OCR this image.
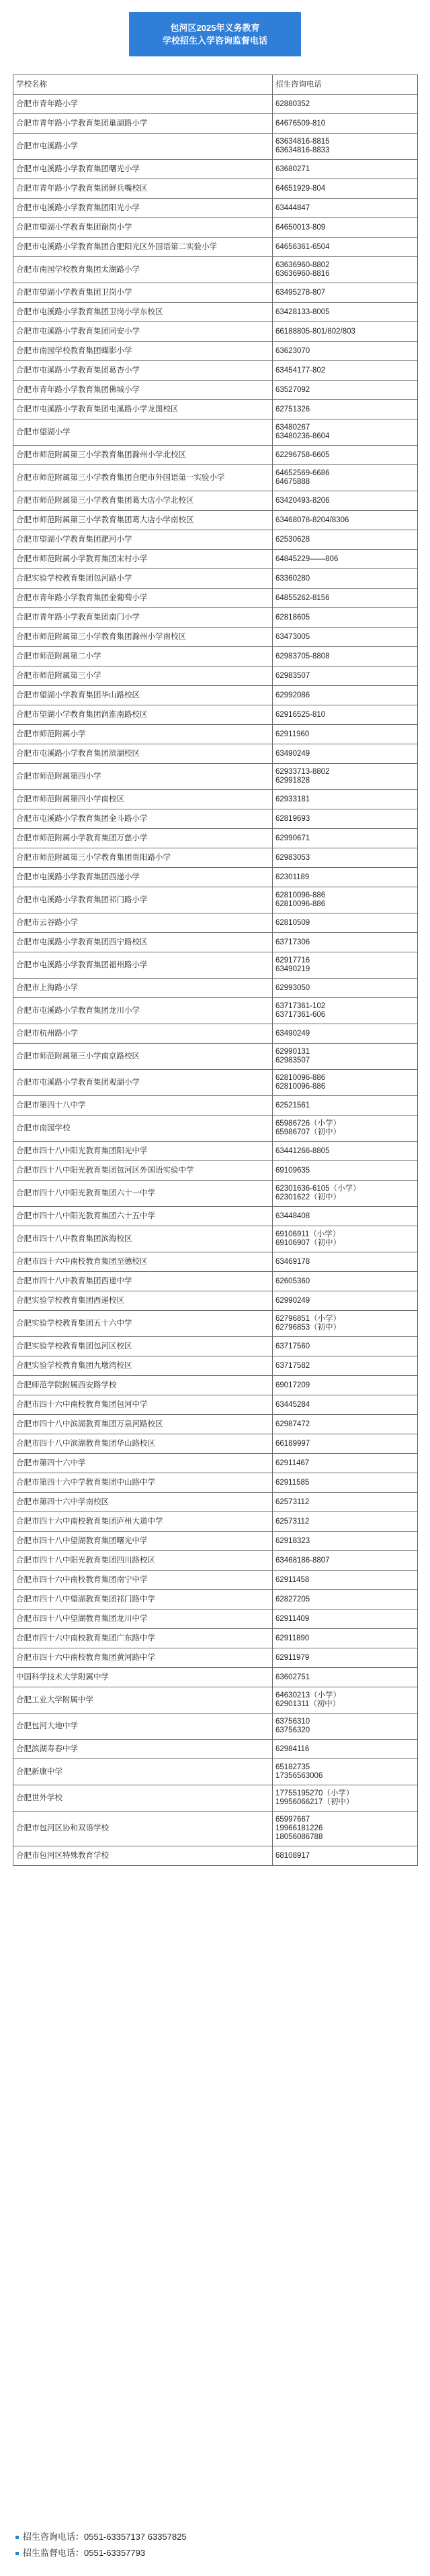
包河区2025年义务教育
学校招生入学咨询监督电话
学校名称	招生咨询电话
合肥市青年路小学	62880352

合肥市青年路小学教育集团巢湖路小学	64676509-810

合肥市屯溪路小学	63634816-8815
63634816-8833

合肥市屯溪路小学教育集团曙光小学	63680271

合肥市青年路小学教育集团鲜兵嘴校区	64651929-804

合肥市屯溪路小学教育集团阳光小学	63444847

合肥市望湖小学教育集团谢岗小学	64650013-809

合肥市屯溪路小学教育集团合肥阳光区外国语第二实验小学	64656361-6504

合肥市南园学校教育集团太湖路小学	63636960-8802
63636960-8816

合肥市望湖小学教育集团卫岗小学	63495278-807

合肥市屯溪路小学教育集团卫岗小学东校区	63428133-8005

合肥市屯溪路小学教育集团同安小学	66188805-801/802/803

合肥市南园学校教育集团蝶影小学	63623070

合肥市屯溪路小学教育集团葛杏小学	63454177-802

合肥市青年路小学教育集团佛城小学	63527092

合肥市屯溪路小学教育集团屯溪路小学龙图校区	62751326

合肥市望湖小学	63480267
63480236-8604

合肥市师范附属第三小学教育集团滁州小学北校区	62296758-6605

合肥市师范附属第三小学教育集团合肥市外国语第一实验小学	64652569-6686
64675888

合肥市师范附属第三小学教育集团葛大店小学北校区	63420493-8206

合肥市师范附属第三小学教育集团葛大店小学南校区	63468078-8204/8306

合肥市望湖小学教育集团淝河小学	62530628

合肥市师范附属小学教育集团宋村小学	64845229——806

合肥实验学校教育集团包河路小学	63360280

合肥市青年路小学教育集团金葡萄小学	64855262-8156

合肥市青年路小学教育集团南门小学	62818605

合肥市师范附属第三小学教育集团滁州小学南校区	63473005

合肥市师范附属第二小学	62983705-8808

合肥市师范附属第三小学	62983507

合肥市望湖小学教育集团华山路校区	62992086

合肥市望湖小学教育集团润淮南路校区	62916525-810

合肥市师范附属小学	62911960

合肥市屯溪路小学教育集团滨湖校区	63490249

合肥市师范附属第四小学	62933713-8802
62991828

合肥市师范附属第四小学南校区	62933181

合肥市屯溪路小学教育集团金斗路小学	62819693

合肥市师范附属小学教育集团万慈小学	62990671

合肥市师范附属第三小学教育集团贵阳路小学	62983053

合肥市屯溪路小学教育集团西递小学	62301189

合肥市屯溪路小学教育集团祁门路小学	62810096-886
62810096-886

合肥市云谷路小学	62810509

合肥市屯溪路小学教育集团西宁路校区	63717306

合肥市屯溪路小学教育集团福州路小学	62917716
63490219

合肥市上海路小学	62993050

合肥市屯溪路小学教育集团龙川小学	63717361-102
63717361-606

合肥市杭州路小学	63490249

合肥市师范附属第三小学南京路校区	62990131
62983507

合肥市屯溪路小学教育集团观湖小学	62810096-886
62810096-886

合肥市第四十八中学	62521561

合肥市南园学校	65986726（小学）
65986707（初中）

合肥市四十八中阳光教育集团阳光中学	63441266-8805

合肥市四十八中阳光教育集团包河区外国语实验中学	69109635

合肥市四十八中阳光教育集团六十一中学	62301636-6105（小学）
62301622（初中）

合肥市四十八中阳光教育集团六十五中学	63448408

合肥市四十八中教育集团滨海校区	69106911（小学）
69106907（初中）

合肥市四十六中南校教育集团至德校区	63469178

合肥市四十八中教育集团西递中学	62605360

合肥实验学校教育集团西递校区	62990249

合肥实验学校教育集团五十六中学	62796851（小学）
62796853（初中）

合肥实验学校教育集团包河区校区	63717560

合肥实验学校教育集团九墩湾校区	63717582

合肥师范学院附属西安路学校	69017209

合肥市四十六中南校教育集团包河中学	63445284

合肥市四十八中滨湖教育集团万泉河路校区	62987472

合肥市四十八中滨湖教育集团华山路校区	66189997

合肥市第四十六中学	62911467

合肥市第四十六中学教育集团中山路中学	62911585

合肥市第四十六中学南校区	62573112

合肥市四十六中南校教育集团庐州大道中学	62573112

合肥市四十八中望湖教育集团曙光中学	62918323

合肥市四十八中阳光教育集团四川路校区	63468186-8807

合肥市四十六中南校教育集团南宁中学	62911458

合肥市四十八中望湖教育集团祁门路中学	62827205

合肥市四十八中望湖教育集团龙川中学	62911409

合肥市四十六中南校教育集团广东路中学	62911890

合肥市四十六中南校教育集团黄河路中学	62911979

中国科学技术大学附属中学	63602751

合肥工业大学附属中学	64630213（小学）
62901311（初中）

合肥包河大地中学	63756310
63756320

合肥滨湖寿春中学	62984116

合肥新康中学	65182735
17356563006

合肥世外学校	17755195270（小学）
19956066217（初中）

合肥市包河区协和双语学校	65997667
19966181226
18056086788

合肥市包河区特殊教育学校	68108917
招生咨询电话：0551-63357137 63357825
招生监督电话：0551-63357793
